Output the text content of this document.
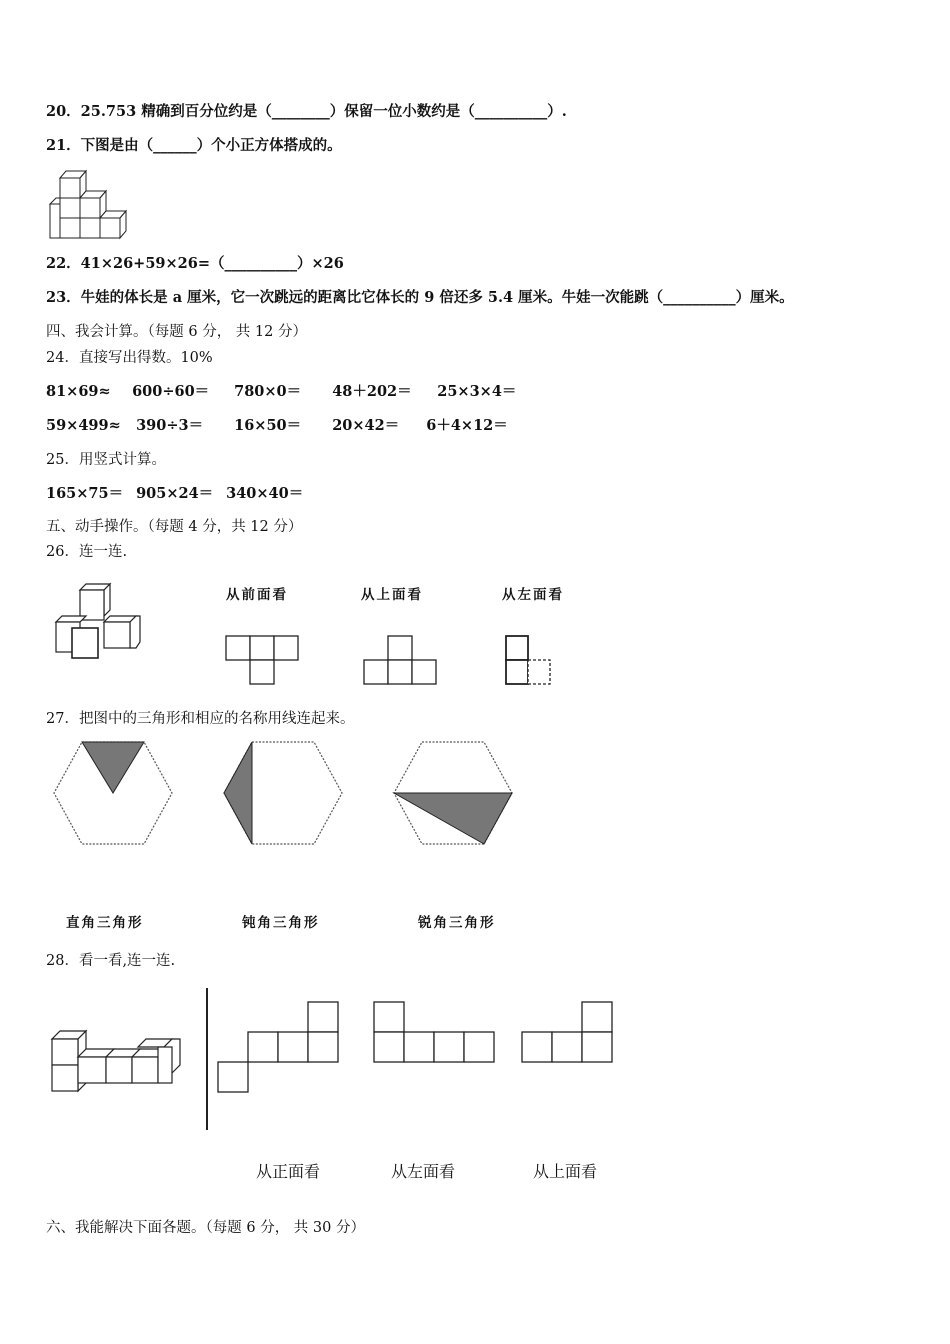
20．25.753 精确到百分位约是（________）保留一位小数约是（__________）.
21．下图是由（______）个小正方体搭成的。
22．41×26+59×26=（__________）×26
23．牛娃的体长是 a 厘米，它一次跳远的距离比它体长的 9 倍还多 5.4 厘米。牛娃一次能跳（__________）厘米。
四、我会计算。（每题 6 分， 共 12 分）
24．直接写出得数。10%
81×69≈ 600÷60＝ 780×0＝ 48＋202＝ 25×3×4＝
59×499≈ 390÷3＝ 16×50＝ 20×42＝ 6＋4×12＝
25．用竖式计算。
165×75＝ 905×24＝ 340×40＝
五、动手操作。（每题 4 分，共 12 分）
26．连一连.
从前面看	从上面看	从左面看
27．把图中的三角形和相应的名称用线连起来。
直角三角形	钝角三角形	锐角三角形
28．看一看,连一连.
从正面看	从左面看	从上面看
六、我能解决下面各题。（每题 6 分， 共 30 分）
